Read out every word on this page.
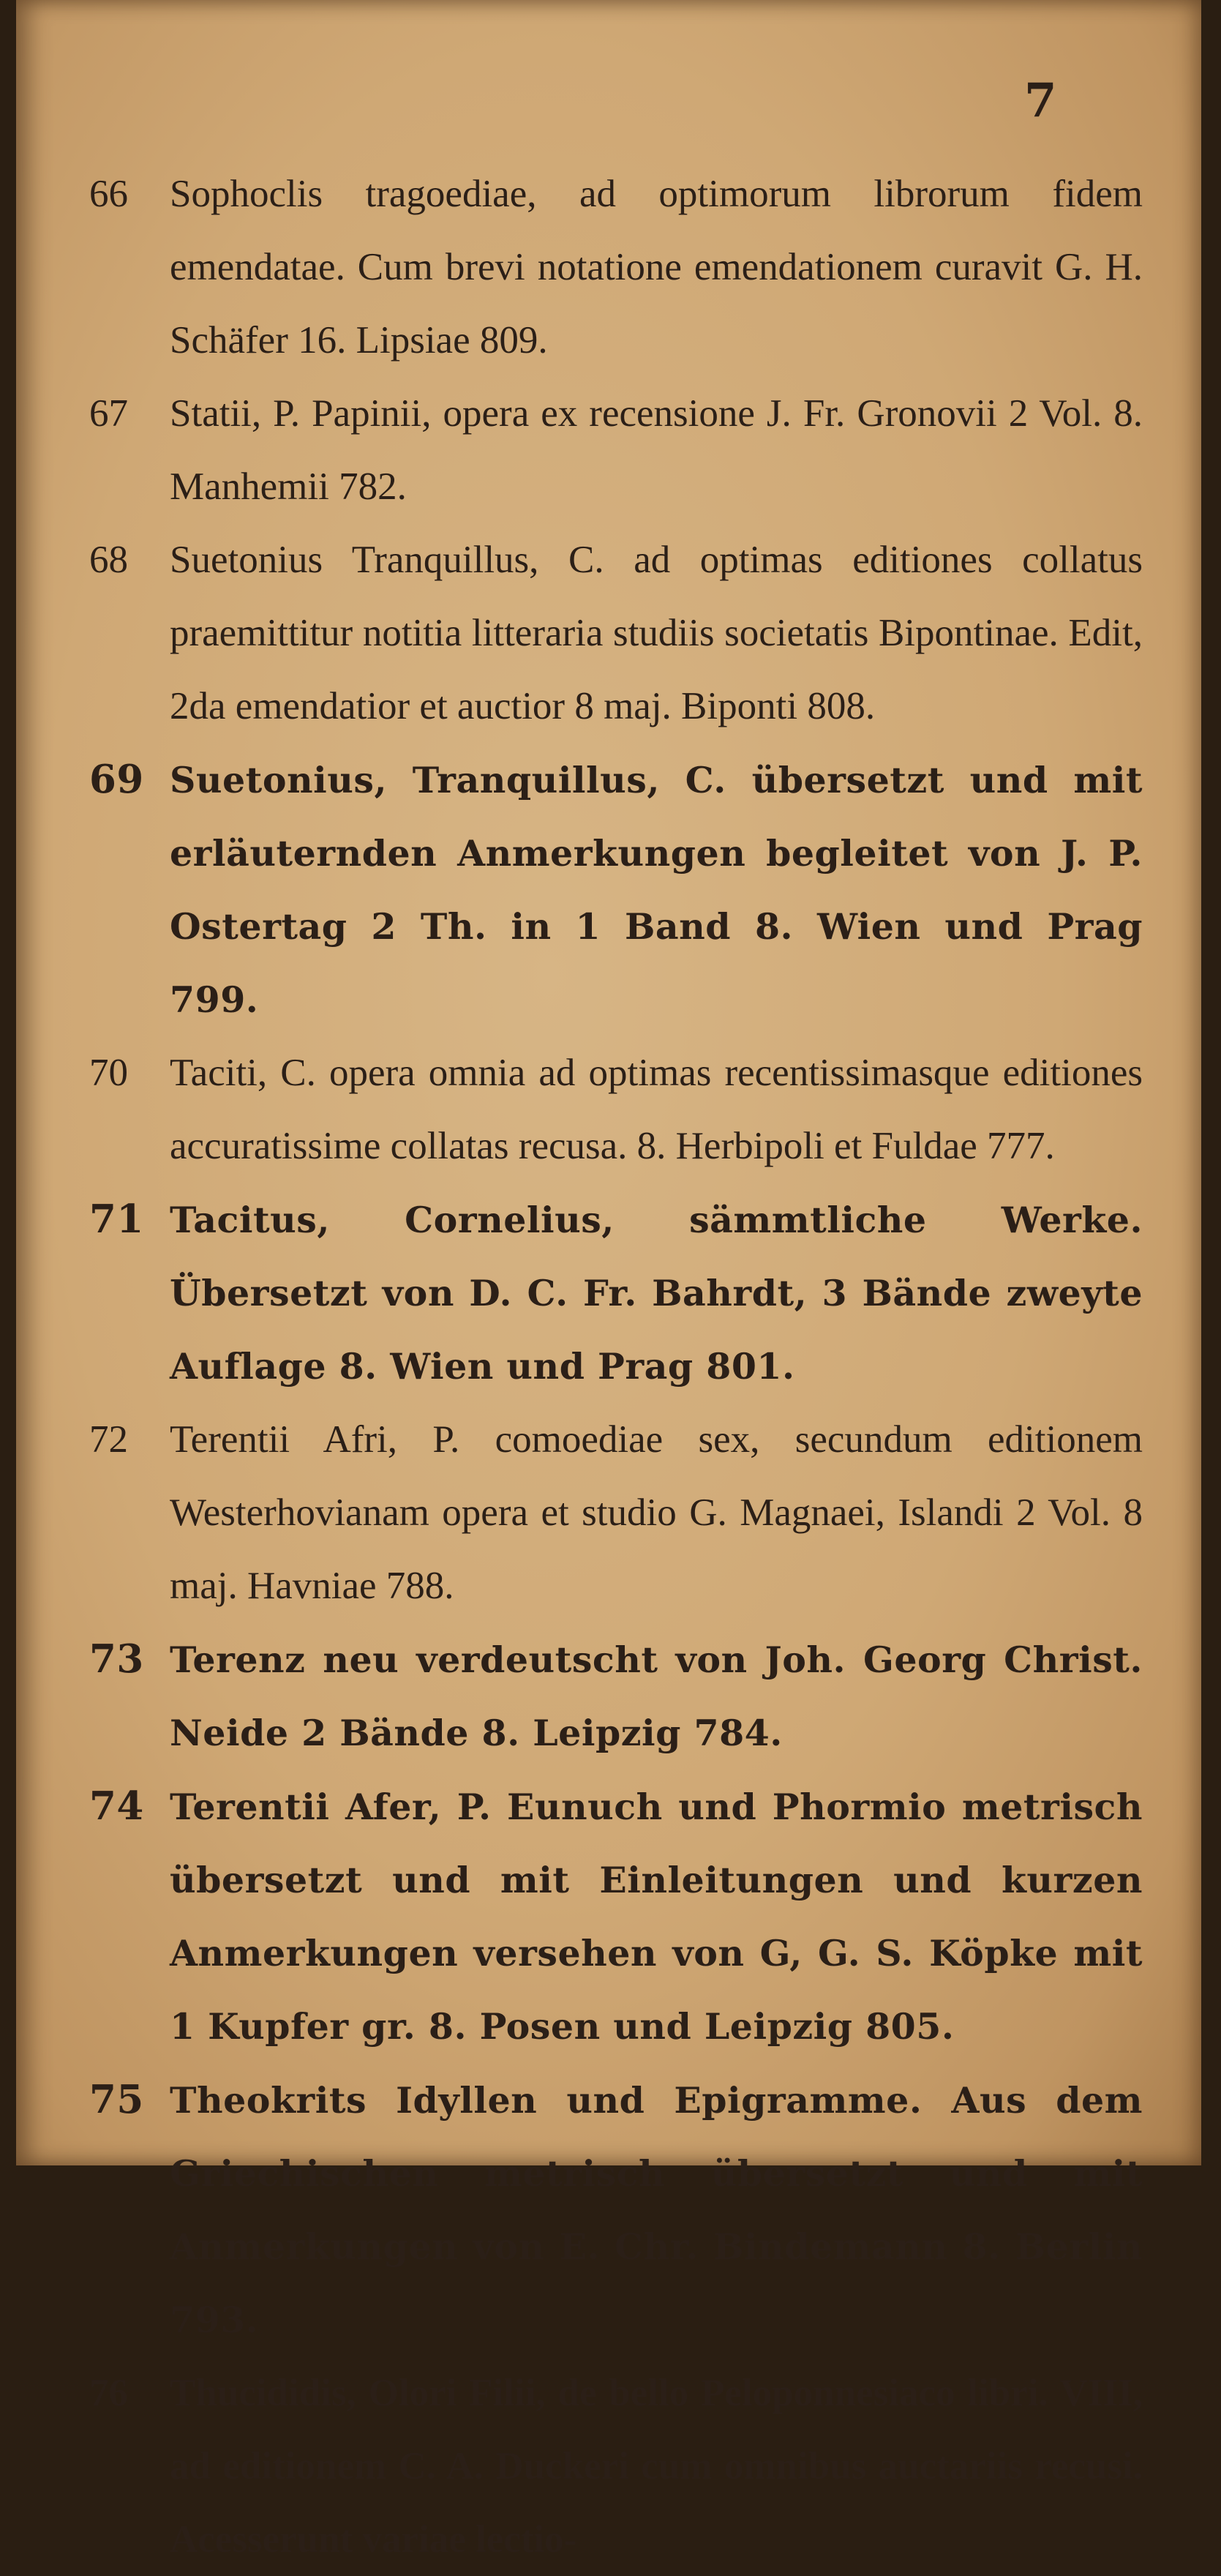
7
66 Sophoclis tragoediae, ad optimorum librorum fidem emendatae. Cum brevi notatione emendationem curavit G. H. Schäfer 16. Lipsiae 809.
67 Statii, P. Papinii, opera ex recensione J. Fr. Gronovii 2 Vol. 8. Manhemii 782.
68 Suetonius Tranquillus, C. ad optimas editiones collatus praemittitur notitia litteraria studiis societatis Bipontinae. Edit, 2da emendatior et auctior 8 maj. Biponti 808.
69 Suetonius, Tranquillus, C. übersetzt und mit erläuternden Anmerkungen begleitet von J. P. Ostertag 2 Th. in 1 Band 8. Wien und Prag 799.
70 Taciti, C. opera omnia ad optimas recentissimasque editiones accuratissime collatas recusa. 8. Herbipoli et Fuldae 777.
71 Tacitus, Cornelius, sämmtliche Werke. Übersetzt von D. C. Fr. Bahrdt, 3 Bände zweyte Auflage 8. Wien und Prag 801.
72 Terentii Afri, P. comoediae sex, secundum editionem Westerhovianam opera et studio G. Magnaei, Islandi 2 Vol. 8 maj. Havniae 788.
73 Terenz neu verdeutscht von Joh. Georg Christ. Neide 2 Bände 8. Leipzig 784.
74 Terentii Afer, P. Eunuch und Phormio metrisch übersetzt und mit Einleitungen und kurzen Anmerkungen versehen von G, G. S. Köpke mit 1 Kupfer gr. 8. Posen und Leipzig 805.
75 Theokrits Idyllen und Epigramme. Aus dem Griechischen metrisch übersetzt und mit Anmerkungen von E. Chr. Bindemann 8. Berlin 793.
76 Thucididis, Olori Filii, de bello Peloponnesiaco libri. VIII, ad editionem C. A. Duckeri cum omnibus auctariis recusi. Acesserunt variae lectio-
